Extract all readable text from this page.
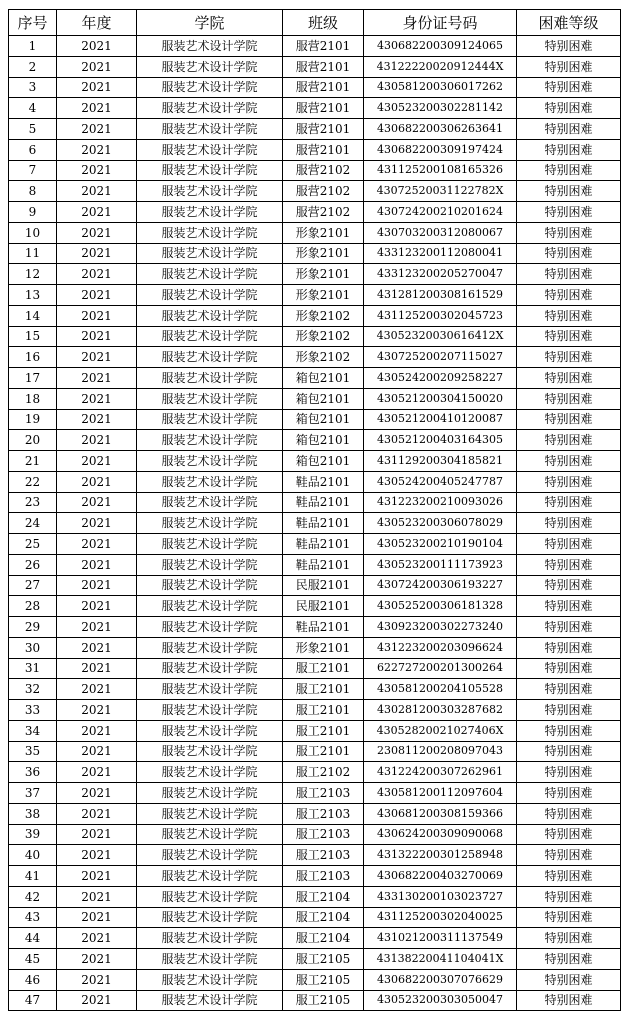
序号	年度	学院	班级	身份证号码	困难等级
1	2021	服装艺术设计学院	服营2101	430682200309124065	特别困难
2	2021	服装艺术设计学院	服营2101	43122220020912444X	特别困难
3	2021	服装艺术设计学院	服营2101	430581200306017262	特别困难
4	2021	服装艺术设计学院	服营2101	430523200302281142	特别困难
5	2021	服装艺术设计学院	服营2101	430682200306263641	特别困难
6	2021	服装艺术设计学院	服营2101	430682200309197424	特别困难
7	2021	服装艺术设计学院	服营2102	431125200108165326	特别困难
8	2021	服装艺术设计学院	服营2102	43072520031122782X	特别困难
9	2021	服装艺术设计学院	服营2102	430724200210201624	特别困难
10	2021	服装艺术设计学院	形象2101	430703200312080067	特别困难
11	2021	服装艺术设计学院	形象2101	433123200112080041	特别困难
12	2021	服装艺术设计学院	形象2101	433123200205270047	特别困难
13	2021	服装艺术设计学院	形象2101	431281200308161529	特别困难
14	2021	服装艺术设计学院	形象2102	431125200302045723	特别困难
15	2021	服装艺术设计学院	形象2102	43052320030616412X	特别困难
16	2021	服装艺术设计学院	形象2102	430725200207115027	特别困难
17	2021	服装艺术设计学院	箱包2101	430524200209258227	特别困难
18	2021	服装艺术设计学院	箱包2101	430521200304150020	特别困难
19	2021	服装艺术设计学院	箱包2101	430521200410120087	特别困难
20	2021	服装艺术设计学院	箱包2101	430521200403164305	特别困难
21	2021	服装艺术设计学院	箱包2101	431129200304185821	特别困难
22	2021	服装艺术设计学院	鞋品2101	430524200405247787	特别困难
23	2021	服装艺术设计学院	鞋品2101	431223200210093026	特别困难
24	2021	服装艺术设计学院	鞋品2101	430523200306078029	特别困难
25	2021	服装艺术设计学院	鞋品2101	430523200210190104	特别困难
26	2021	服装艺术设计学院	鞋品2101	430523200111173923	特别困难
27	2021	服装艺术设计学院	民服2101	430724200306193227	特别困难
28	2021	服装艺术设计学院	民服2101	430525200306181328	特别困难
29	2021	服装艺术设计学院	鞋品2101	430923200302273240	特别困难
30	2021	服装艺术设计学院	形象2101	431223200203096624	特别困难
31	2021	服装艺术设计学院	服工2101	622727200201300264	特别困难
32	2021	服装艺术设计学院	服工2101	430581200204105528	特别困难
33	2021	服装艺术设计学院	服工2101	430281200303287682	特别困难
34	2021	服装艺术设计学院	服工2101	43052820021027406X	特别困难
35	2021	服装艺术设计学院	服工2101	230811200208097043	特别困难
36	2021	服装艺术设计学院	服工2102	431224200307262961	特别困难
37	2021	服装艺术设计学院	服工2103	430581200112097604	特别困难
38	2021	服装艺术设计学院	服工2103	430681200308159366	特别困难
39	2021	服装艺术设计学院	服工2103	430624200309090068	特别困难
40	2021	服装艺术设计学院	服工2103	431322200301258948	特别困难
41	2021	服装艺术设计学院	服工2103	430682200403270069	特别困难
42	2021	服装艺术设计学院	服工2104	433130200103023727	特别困难
43	2021	服装艺术设计学院	服工2104	431125200302040025	特别困难
44	2021	服装艺术设计学院	服工2104	431021200311137549	特别困难
45	2021	服装艺术设计学院	服工2105	43138220041104041X	特别困难
46	2021	服装艺术设计学院	服工2105	430682200307076629	特别困难
47	2021	服装艺术设计学院	服工2105	430523200303050047	特别困难
